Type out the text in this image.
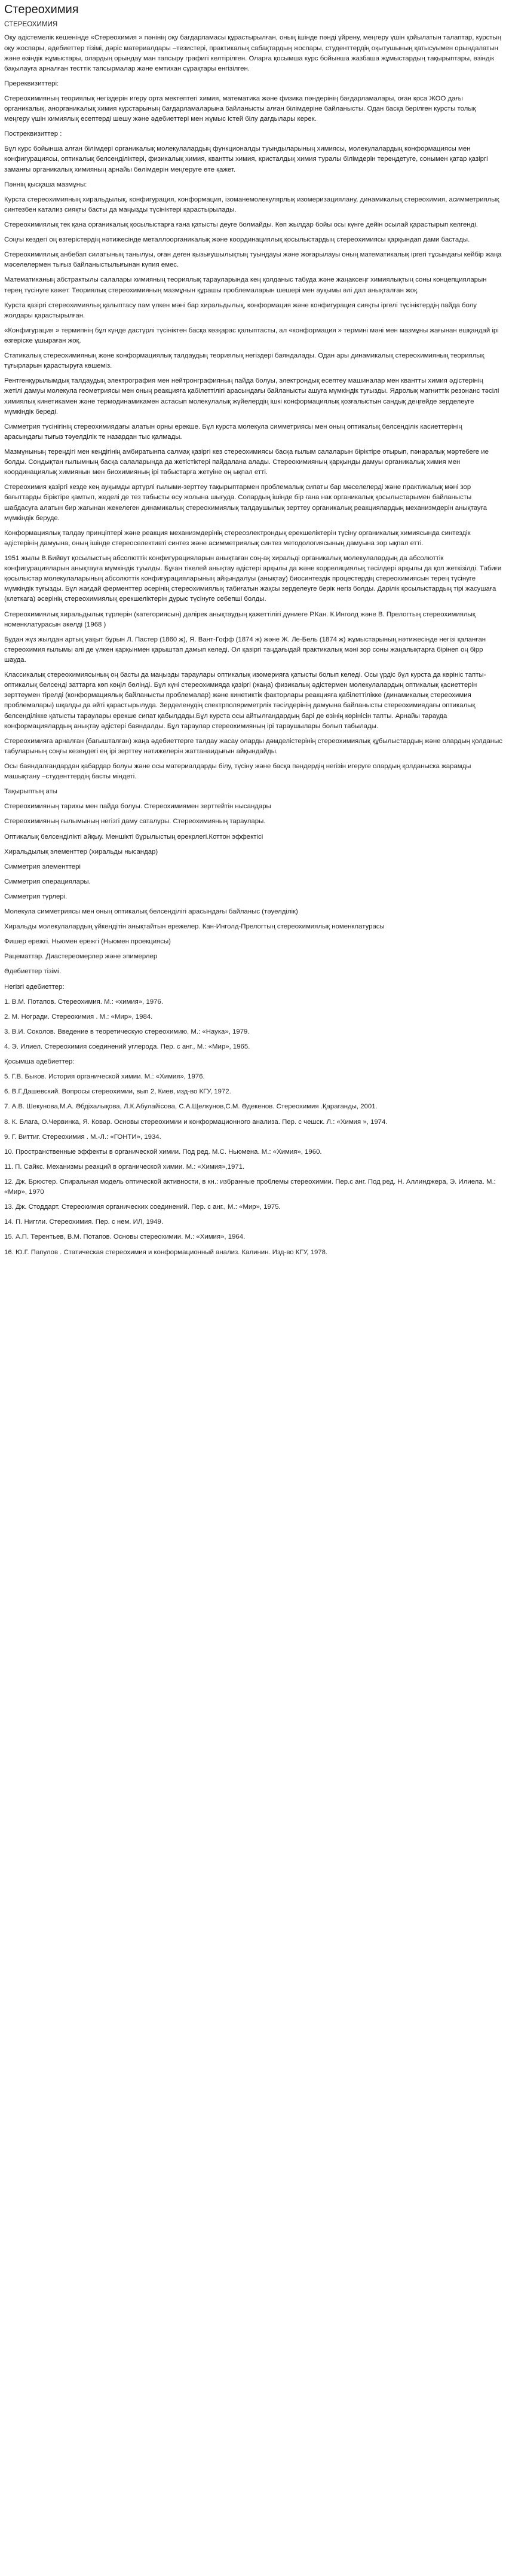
Стереохимия
СТЕРЕОХИМИЯ

Оқу әдістемелік кешенінде «Стереохимия » пәнінің оқу бағдарламасы құрастырылған, оның ішінде пәнді үйрену, меңгеру үшін қойылатын талаптар, курстың оқу жоспары, әдебиеттер тізімі, дәріс материалдары –тезистері, практикалық сабақтардың жоспары, студенттердің оқытушының қатысуымен орындалатын және өзіндік жұмыстары, олардың орындау ман тапсыру графигі келтірілген. Оларға қосымша курс бойынша жазбаша жұмыстардың тақырыптары, өзіндік бақылауға арналған тесттік тапсырмалар және емтихан сұрақтары енгізілген.

Пререквизиттері:

Стереохимияның теориялық негіздерін игеру орта мектептегі химия, математика және физика пәндерінің бағдарламалары, оған қоса ЖОО дағы органикалық, анорганикалық химия курстарының бағдарламаларына байланысты алған білімдеріне байланысты. Одан басқа берілген курсты толық меңгеру үшін химиялық есептердi шешу және әдебиеттерi мен жұмыс істей білу дағдылары керек.

Постреквизиттер :

Бұл курс бойынша алған білімдері органикалық молекулалардың функционалды туындыларының химиясы, молекулалардың конформациясы мен конфигурациясы, оптикалық белсенділіктері, физикалық химия, квантты химия, кристалдық химия туралы білімдерін тереңдетуге, сонымен қатар қазіргі заманғы органикалық химияның арнайы бөлімдерін меңгеруге өте қажет.

Пәннің қысқаша мазмұны:

Курста стереохимияның хиральдылық, конфигурация, конформация, ізоманемолекулярлық изомеризациялану, динамикалық стереохимия, асимметриялық синтезбен катализ сияқты басты да маңызды түсініктері қарастырылады.

Стереохимиялық тек қана органикалық қосылыстарға ғана қатысты деуге болмайды. Көп жылдар бойы осы күнге дейін осылай қарастырып келгенді.

Соңғы кездегі оң өзгерістердің нәтижесінде металлоорганикалық және координациялық қосылыстардың стереохимиясы қарқындап дами бастады.

Стереохимиялық анбебап силатының танылуы, оған деген қызығушылықтың туындауы және жоғарылауы оның математикалық іргегі тұсындағы кейбір жаңа мәселелермен тығыз байланыстылығынан күпия емес.

Математиканың абстрактылы салалары химияның теориялық тарауларында кең қолданыс табуда және жаңаксеңг химиялықтың соны концепцияларын терең түсінуге кәжет. Теориялық стереохимияның мазмұнын құрашы проблемаларын шешері мен ауқымы әлі дал анықталған жоқ.

Курста қазіргі стереохимиялық қалыптасу пам үлкен мәні бар хиральдылық, конформация және конфигурация сияқты іргелі түсініктердің пайда болу жолдары қарастырылған.

«Конфигурация » термипнің бұл күнде дастүрлі түсініктен басқа көзқарас қалыптасты, ал «конформация » термині мәні мен мазмұны жағынан ешқандай ірі өзгеріске ұшыраған жоқ.

Статикалық стереохимияның және конформациялық талдаудың теориялық негіздері баяндалады. Одан ары динамикалық стереохимияның теориялық тұғырларын қарастыруға көшеміз.

Рентгенқұрылымдық талдаудың электрография мен нейтронграфияның пайда болуы, электрондық есептеу машиналар мен квантты химия әдістерінің жетілі дамуы молекула геометриясы мен оның реакцияға қабілеттілігі арасындағы байланысты ашуға мүмкіндік туғызды. Ядролық магниттік резонанс тәсілі химиялық кинетикамен және термодинамикамен астасып молекулалық жүйелердің ішкі конформациялық қозғалыстын сандық деңгейде зерделеуге мүмкіндік береді.

Симметрия түсінігінің стереохимиядағы алатын орны ерекше. Бұл курста молекула симметриясы мен оның оптикалық белсенділік касиеттерінің арасындағы тығыз тәуелділік те назардан тыс қалмады.

Мазмұнының тереңдігі мен кеңдігінің амбиратынпа салмақ қазіргі кез стереохимиясы басқа ғылым салаларын біріктіре отырып, пәнаралық мәртебеге ие болды. Сондықтан ғылымның басқа салаларында да жетістіктері пайдалана алады. Стереохимияның қарқынды дамуы органикалық химия мен координациялық химиянын мен биохимияның ірі табыстарға жетуіне оң ықпал етті.

Стереохимия қазіргі кезде кең ауқымды артүрлі ғылыми-зерттеу тақырыптармен проблемалық сипаты бар мәселелердi және практикалық мәні зор бағыттарды біріктіре қамтып, жеделі де тез табысты өсу жолына шығуда. Солардың ішінде бір ғана нак органикалық қосылыстарымен байланысты шабдасуға алатын бир жағынан жекелеген динамикалық стереохимиялық талдаушылық зерттеу органикалық реакциялардың механизмдерін анықтауға мүмкіндік беруде.

Конформациялық талдау принціптері және реакция механизмдерінің стереоэлектрондық ерекшеліктерін түсіну органикалық химиясында синтездік әдістерінің дамуына, оның ішінде стереоселективті синтез және асимметриялық синтез методологиясының дамуына зор ықпал етті.

1951 жылы В.Бийвут қосылыстың абсолюттік конфигурацияларын анықтаған соң-ақ хиральді органикалық молекулалардың да абсолюттік конфигурацияларын анықтауға мүмкіндік туылды. Бұған тікелей анықтау әдістері арқылы да және корреляциялық тәсілдері арқылы да қол жеткізілді. Табиғи қосылыстар молекулаларының абсолюттік конфигурацияларының айқындалуы (анықтау) биосинтездік процестердің стереохимиясын терең түсінуге мүмкіндік туғызды. Бұл жағдай ферменттер әсерінің стереохимиялық табиғатын жақсы зерделеуге берік негіз болды. Дарілік қосылыстардың тірі жасушаға (клеткага) әсерінің стереохимиялық ерекшеліктерін дұрыс түсінуге себепші болды.

Стереохимиялық хиральдылық түрлерін (категориясын) дәлірек анықтаудың қажеттілігі дүниеге Р.Кан. К.Инголд және В. Прелогтың стереохимиялық номенклатурасын әкелді (1968 )

Будан жүз жылдан артық уақыт бұрын Л. Пастер (1860 ж), Я. Вант-Гофф (1874 ж) және Ж. Ле-Бель (1874 ж) жұмыстарының нәтижесінде негізі қаланған стереохимия ғылымы әлі де үлкен қарқынмен қарыштап дамып келеді. Ол қазіргі таңдағыдай практикалық мәні зор соны жаңалықтарға бірінеп оң бірр шауда.

Классикалық стереохимиясының оң басты да маңызды тараулары оптикалық изомерияға қатысты болып келеді. Осы үрдіс бұл курста да көрініс тапты- оптикалық белсенді заттарға көп көңіл бөлінді. Бұл күні стереохимияда қазіргі (жаңа) физикалық әдістермен молекулалардың оптикалық қасиеттерін зерттеумен тірелді (конформациялық байланысты проблемалар) және кинетиктік факторлары реакцияға қабілеттілікке (динамикалық стереохимия проблемалары) шқалды да әйті қарастырылуда. Зерделенудің спектрполяриметрлік тәсілдерінің дамуына байланысты стереохимиядағы оптикалық белсенділікке қатысты тараулары ерекше сипат қабылдады.Бұл курста осы айтылғандардың барі де өзінің көрінісін тапты. Арнайы тарауда конформациялардың анықтау әдістері баяндалды. Бұл тараулар стереохимияның ірі тараушылары болып табылады.

Стереохимияға арналған (бағышталған) жаңа әдебиеттерге талдау жасау оларды дәмделістерінің стереохимиялық құбылыстардың және олардың қолданыс табуларының соңғы кезеңдегі ең ірі зерттеу нәтижелерін жаттанаидығын айқындайды.

Осы баяндалғандардан қабардар болуы және осы материалдарды білу, түсіну және басқа пәндердің негізін игеруге олардың қолданыска жарамды машықтану –студенттердің басты міндеті.

Тақырыптың аты

Стереохимияның тарихы мен пайда болуы. Стереохимиямен зерттейтін нысандары

Стереохимияның ғылымының негізгі даму саталуры. Стереохимияның тараулары.

Оптикалық белсенділікті айқыу. Меншікті бұрылыстың өрекрлегі.Коттон эффектісі

Хиральдылық элементтер (хиральды нысандар)

Симметрия элементтері

Симметрия операциялары.

Симметрия түрлері.

Молекула симметриясы мен оның оптикалық белсенділігі арасындағы байланыс (тәуелділік)

Хиральды молекулалардың үйкендітін анықтайтын ережелер. Кан-Инголд-Прелогтың стереохимиялық номенклатурасы

Фишер ережгі. Ньюмен ережгі (Ньюмен проекциясы)

Рацематтар. Диастереомерлер және эпимерлер

Әдебиеттер тізімі.

Негізгі әдебиеттер:

1. В.М. Потапов. Стереохимия. М.: «химия», 1976.

2. М. Ногради. Стереохимия . М.: «Мир», 1984.

3. В.И. Соколов. Введение в теоретическую стереохимию. М.: «Наука», 1979.

4. Э. Илиел. Стереохимия соединений углерода. Пер. с анг., М.: «Мир», 1965.

Қосымша әдебиеттер:

5. Г.В. Быков. История органической химии. М.: «Химия», 1976.

6. В.Г.Дашевский. Вопросы стереохимии, вып 2, Киев, изд-во КГУ, 1972.

7. А.В. Шекунова,М.А. Әбдіхалықова, Л.К.Абулайісова, С.А.Щелкунов,С.М. Әдекенов. Стереохимия .Қараганды, 2001.

8. К. Блага, О.Червинка, Я. Ковар. Основы стереохимии и конформационного анализа. Пер. с чешск. Л.: «Химия », 1974.

9. Г. Виттиг. Стереохимия . М.-Л.: «ГОНТИ», 1934.

10. Пространственные эффекты в органической химии. Под ред. М.С. Ньюмена. М.: «Химия», 1960.

11. П. Сайкс. Механизмы реакций в органической химии. М.: «Химия»,1971.

12. Дж. Брюстер. Спиральная модель оптической активности, в кн.: избранные проблемы стереохимии. Пер.с анг. Под ред. Н. Аллинджера, Э. Илиела. М.: «Мир», 1970

13. Дж. Стоддарт. Стереохимия органических соединений. Пер. с анг., М.: «Мир», 1975.

14. П. Ниггли. Стереохимия. Пер. с нем. ИЛ, 1949.

15. А.П. Терентьев, В.М. Потапов. Основы стереохимии. М.: «Химия», 1964.

16. Ю.Г. Папулов . Статическая стереохимия и конформационный анализ. Калинин. Изд-во КГУ, 1978.
